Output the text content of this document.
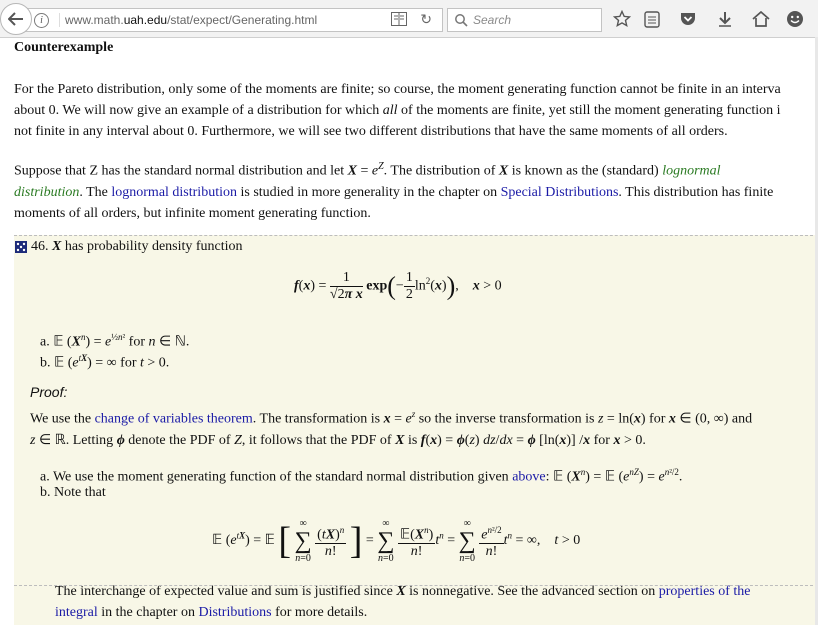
i	www.math.uah.edu/stat/expect/Generating.html	↻	Search
Counterexample
For the Pareto distribution, only some of the moments are finite; so course, the moment generating function cannot be finite in an interva
about 0. We will now give an example of a distribution for which all of the moments are finite, yet still the moment generating function i
not finite in any interval about 0. Furthermore, we will see two different distributions that have the same moments of all orders.
Suppose that Z has the standard normal distribution and let $X = e^Z$. The distribution of X is known as the (standard) lognormal
distribution. The lognormal distribution is studied in more generality in the chapter on Special Distributions. This distribution has finite
moments of all orders, but infinite moment generating function.
46. X has probability density function
$f(x) = \frac{1}{\text{√2π x}} \exp(- \frac{1}{2} \ln^2(x))$,    x > 0
a. 𝔼 $(X^n) = e^{\frac{1}{2}n^2}$ for n ∈ ℕ.
b. 𝔼 $(e^{tX})$ = ∞ for t > 0.
Proof:
We use the change of variables theorem. The transformation is $x = e^z$ so the inverse transformation is z = ln(x) for x ∈ (0, ∞) and
z ∈ ℝ. Letting ϕ denote the PDF of Z, it follows that the PDF of X is f(x) = ϕ(z) dz/dx = ϕ [ln(x)] /x for x > 0.
a. We use the moment generating function of the standard normal distribution given above: 𝔼 $(X^n)$ = 𝔼 $(e^{nZ}) = e^{n^2/2}$.
b. Note that
𝔼 $(e^{tX})$ = 𝔼 [ ∞
∑
n=0
$\frac{(tX)^n}{n!}$ ] =
∞
∑
n=0
$\frac{𝔼(X^n)}{n!} t^n$ =
∞
∑
n=0
$\frac{e^{n^2/2}}{n!} t^n$ = ∞,    t > 0
The interchange of expected value and sum is justified since X is nonnegative. See the advanced section on properties of the
integral in the chapter on Distributions for more details.
